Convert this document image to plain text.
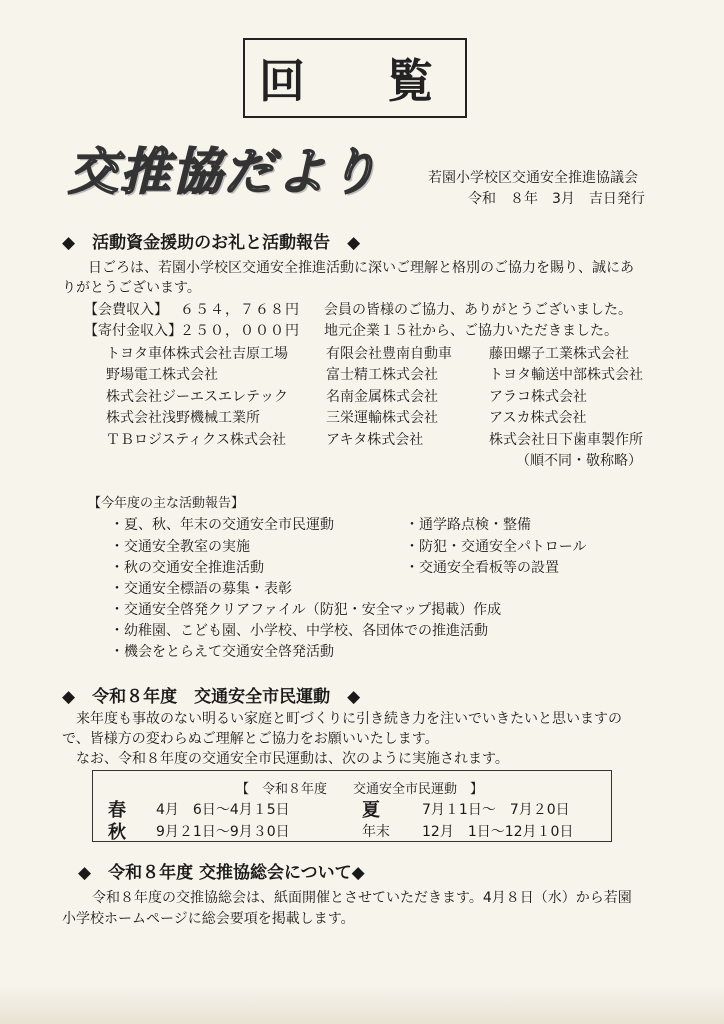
回　覧
交推協だより	若園小学校区交通安全推進協議会
令和　８年　3月　吉日発行
◆　活動資金援助のお礼と活動報告　◆
日ごろは、若園小学校区交通安全推進活動に深いご理解と格別のご協力を賜り、誠にあ
りがとうございます。
【会費収入】 ６５４，７６８円 会員の皆様のご協力、ありがとうございました。
【寄付金収入】
２５０，０００円 地元企業１５社から、ご協力いただきました。
トヨタ車体株式会社吉原工場	有限会社豊南自動車	藤田螺子工業株式会社
野場電工株式会社	富士精工株式会社	トヨタ輸送中部株式会社
株式会社ジーエスエレテック	名南金属株式会社	アラコ株式会社
株式会社浅野機械工業所	三栄運輸株式会社	アスカ株式会社
ＴＢロジスティクス株式会社	アキタ株式会社	株式会社日下歯車製作所
（順不同・敬称略）
【今年度の主な活動報告】
・夏、秋、年末の交通安全市民運動
・交通安全教室の実施
・秋の交通安全推進活動
・交通安全標語の募集・表彰
・交通安全啓発クリアファイル（防犯・安全マップ掲載）作成
・幼稚園、こども園、小学校、中学校、各団体での推進活動
・機会をとらえて交通安全啓発活動
・通学路点検・整備
・防犯・交通安全パトロール
・交通安全看板等の設置
◆　令和８年度　交通安全市民運動　◆
来年度も事故のない明るい家庭と町づくりに引き続き力を注いでいきたいと思いますの
で、皆様方の変わらぬご理解とご協力をお願いいたします。
なお、令和８年度の交通安全市民運動は、次のように実施されます。
【　令和８年度　　交通安全市民運動　】
春 4月　6日～4月１5日	夏	7月１1日～　7月２0日
秋 9月２1日～9月３0日	年末 12月　1日～12月１0日
◆　令和８年度 交推協総会について◆
令和８年度の交推協総会は、紙面開催とさせていただきます。4月８日（水）から若園
小学校ホームページに総会要項を掲載します。
